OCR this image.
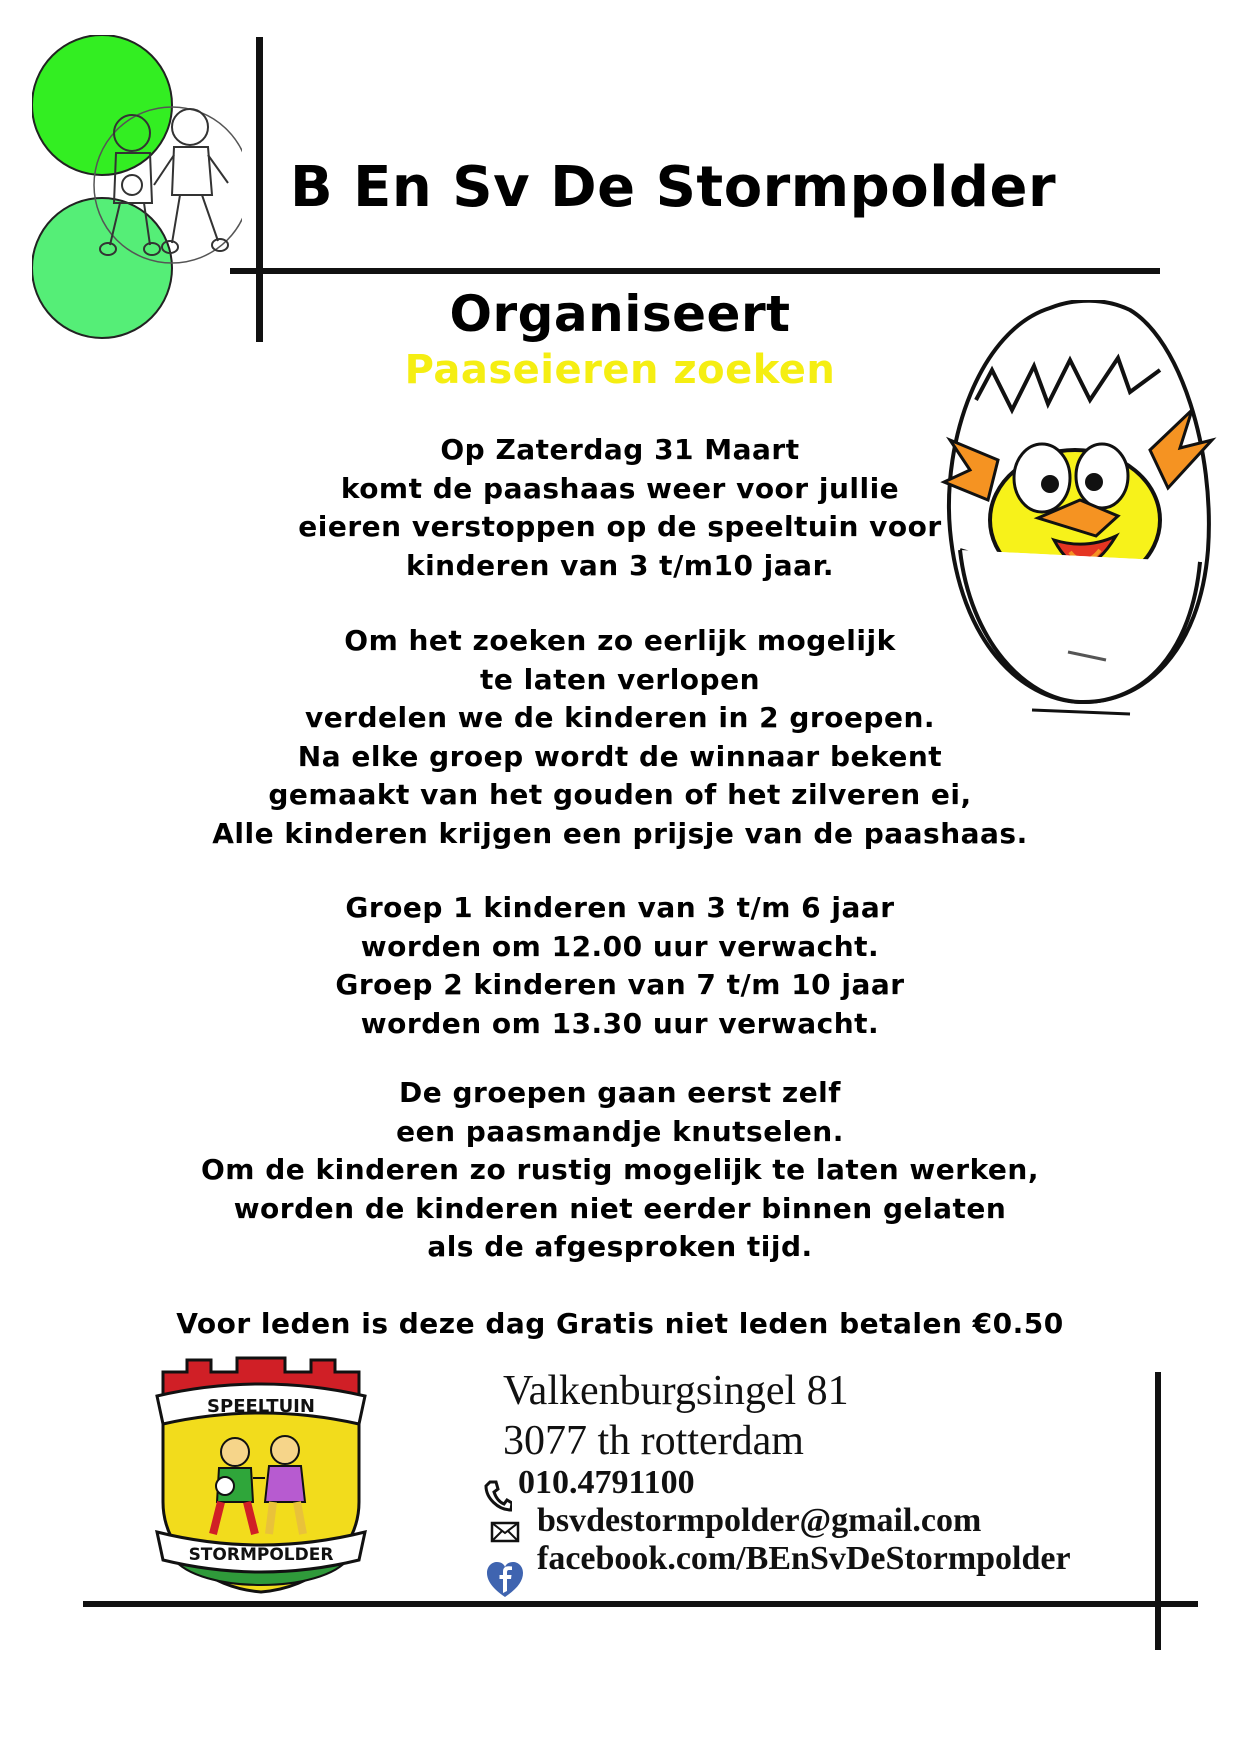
B En Sv De Stormpolder
Organiseert
Paaseieren zoeken
Op Zaterdag 31 Maart
komt de paashaas weer voor jullie
eieren verstoppen op de speeltuin voor
kinderen van 3 t/m10 jaar.
Om het zoeken zo eerlijk mogelijk
te laten verlopen
verdelen we de kinderen in 2 groepen.
Na elke groep wordt de winnaar bekent
gemaakt van het gouden of het zilveren ei,
Alle kinderen krijgen een prijsje van de paashaas.
Groep 1 kinderen van 3 t/m 6 jaar
worden om 12.00 uur verwacht.
Groep 2 kinderen van 7 t/m 10 jaar
worden om 13.30 uur verwacht.
De groepen gaan eerst zelf
een paasmandje knutselen.
Om de kinderen zo rustig mogelijk te laten werken,
worden de kinderen niet eerder binnen gelaten
als de afgesproken tijd.
Voor leden is deze dag Gratis niet leden betalen €0.50
SPEELTUIN
STORMPOLDER
Valkenburgsingel 81
3077 th rotterdam
010.4791100
bsvdestormpolder@gmail.com
facebook.com/BEnSvDeStormpolder
